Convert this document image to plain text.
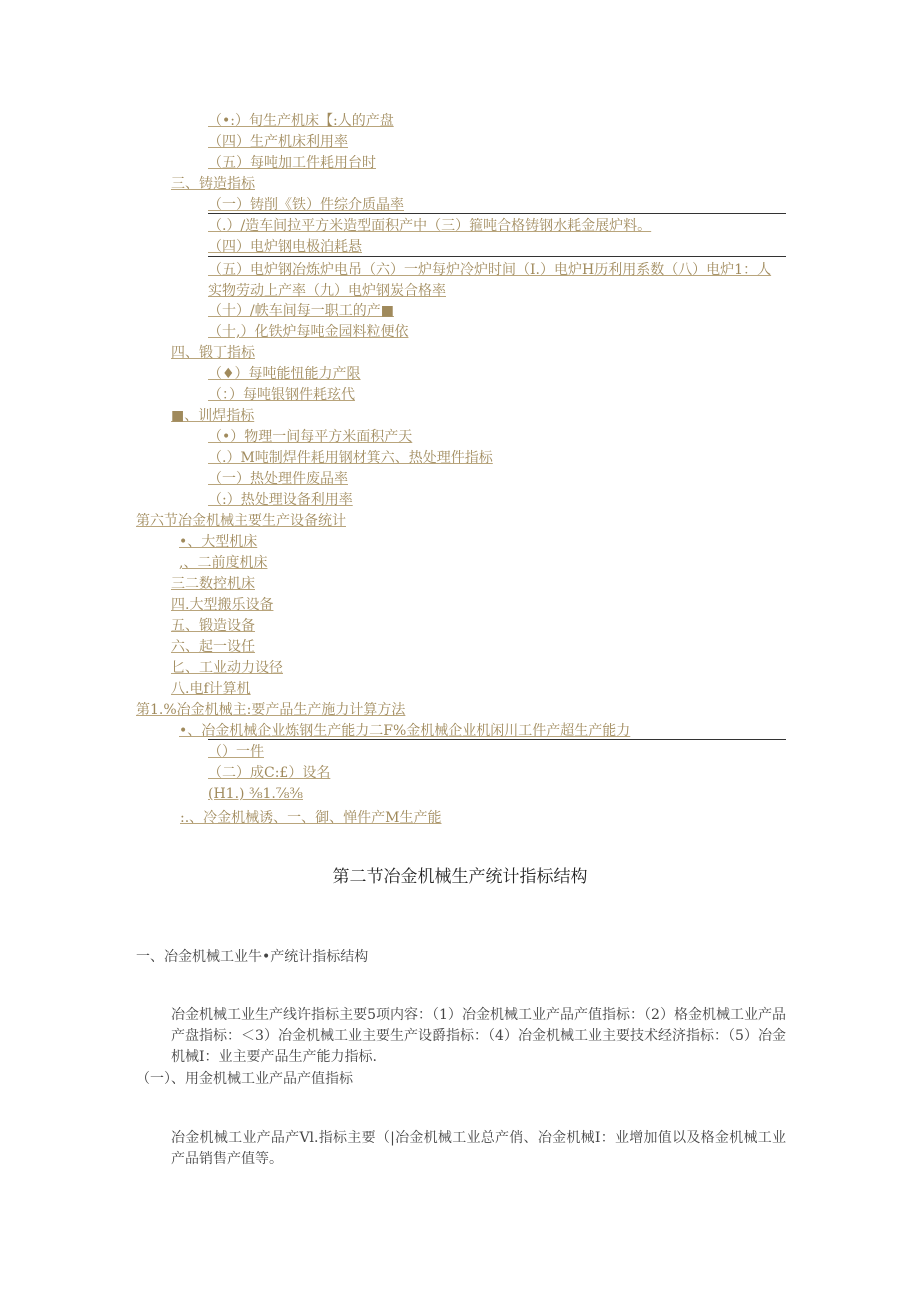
（•:）旬生产机床【:人的产盘
（四）生产机床利用率
（五）每吨加工件耗用台时
三、铸造指标
（一）铸削《铁）件综介质晶率
（.）/造车间拉平方米造型面积产中（三）箍吨合格铸钢水耗金展炉料。
（四）电炉钢电极泊耗悬
（五）电炉钢冶炼炉电吊（六）一炉每炉冷炉时间（I.）电炉H历利用系数（八）电炉1：人实物劳动上产率（九）电炉钢炭合格率
（十）/帙车间每一职工的产■
（十,）化铁炉每吨金园料粒便依
四、锻丁指标
（♦）每吨能忸能力产限
（：）每吨银钢件耗玹代
■、训焊指标
（•）物理一间每平方米面积产天
（.）M吨制焊件耗用钢材箕六、热处理件指标
（一）热处理件废品率
（:）热处理设备利用率
第六节冶金机械主要生产设备统计
•、大型机床
,、二前度机床
三二数控机床
四.大型搬乐设备
五、锻造设备
六、起一设任
匕、工业动力设径
八.电f计算机
第1.%冶金机械主:要产品生产施力计算方法
•、冶金机械企业炼钢生产能力二F%金机械企业机闲川工件产超生产能力
（）一件
（二）成C:£）设名
(H1.) ⅜1.⅞⅜
:.、冷金机械诱、一、御、惮件产M生产能
第二节冶金机械生产统计指标结构
一、冶金机械工业牛•产统计指标结构
冶金机械工业生产线许指标主要5项内容：（1）冶金机械工业产品产值指标：（2）格金机械工业产品产盘指标：＜3）冶金机械工业主要生产设爵指标：（4）冶金机械工业主要技术经济指标：（5）冶金机械I：业主要产品生产能力指标.
（一）、用金机械工业产品产值指标
冶金机械工业产品产Vl.指标主要（|冶金机械工业总产俏、冶金机械I：业增加值以及格金机械工业产品销售产值等。
